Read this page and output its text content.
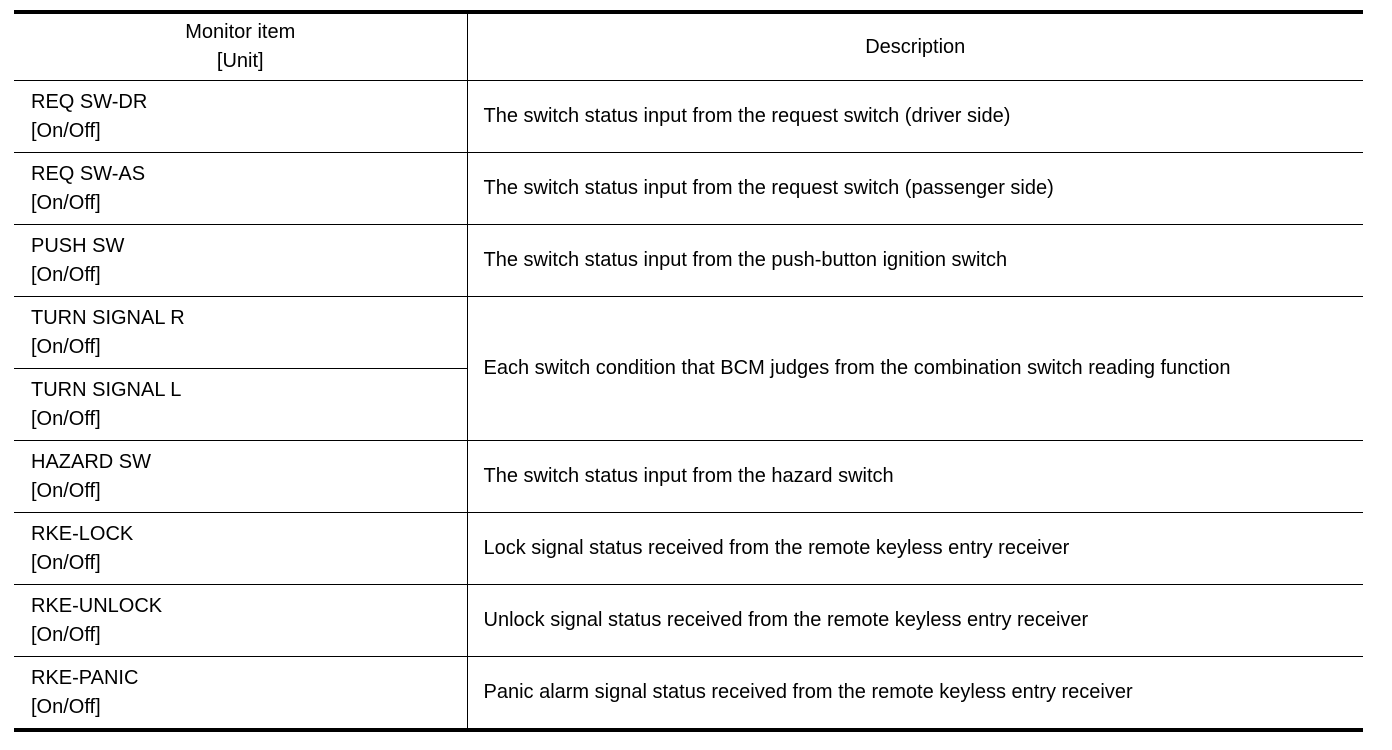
Monitor item
[Unit]	Description

REQ SW-DR
[On/Off]	The switch status input from the request switch (driver side)

REQ SW-AS
[On/Off]	The switch status input from the request switch (passenger side)

PUSH SW
[On/Off]	The switch status input from the push-button ignition switch

TURN SIGNAL R
[On/Off]	Each switch condition that BCM judges from the combination switch reading function

TURN SIGNAL L
[On/Off]	

HAZARD SW
[On/Off]	The switch status input from the hazard switch

RKE-LOCK
[On/Off]	Lock signal status received from the remote keyless entry receiver

RKE-UNLOCK
[On/Off]	Unlock signal status received from the remote keyless entry receiver

RKE-PANIC
[On/Off]	Panic alarm signal status received from the remote keyless entry receiver
